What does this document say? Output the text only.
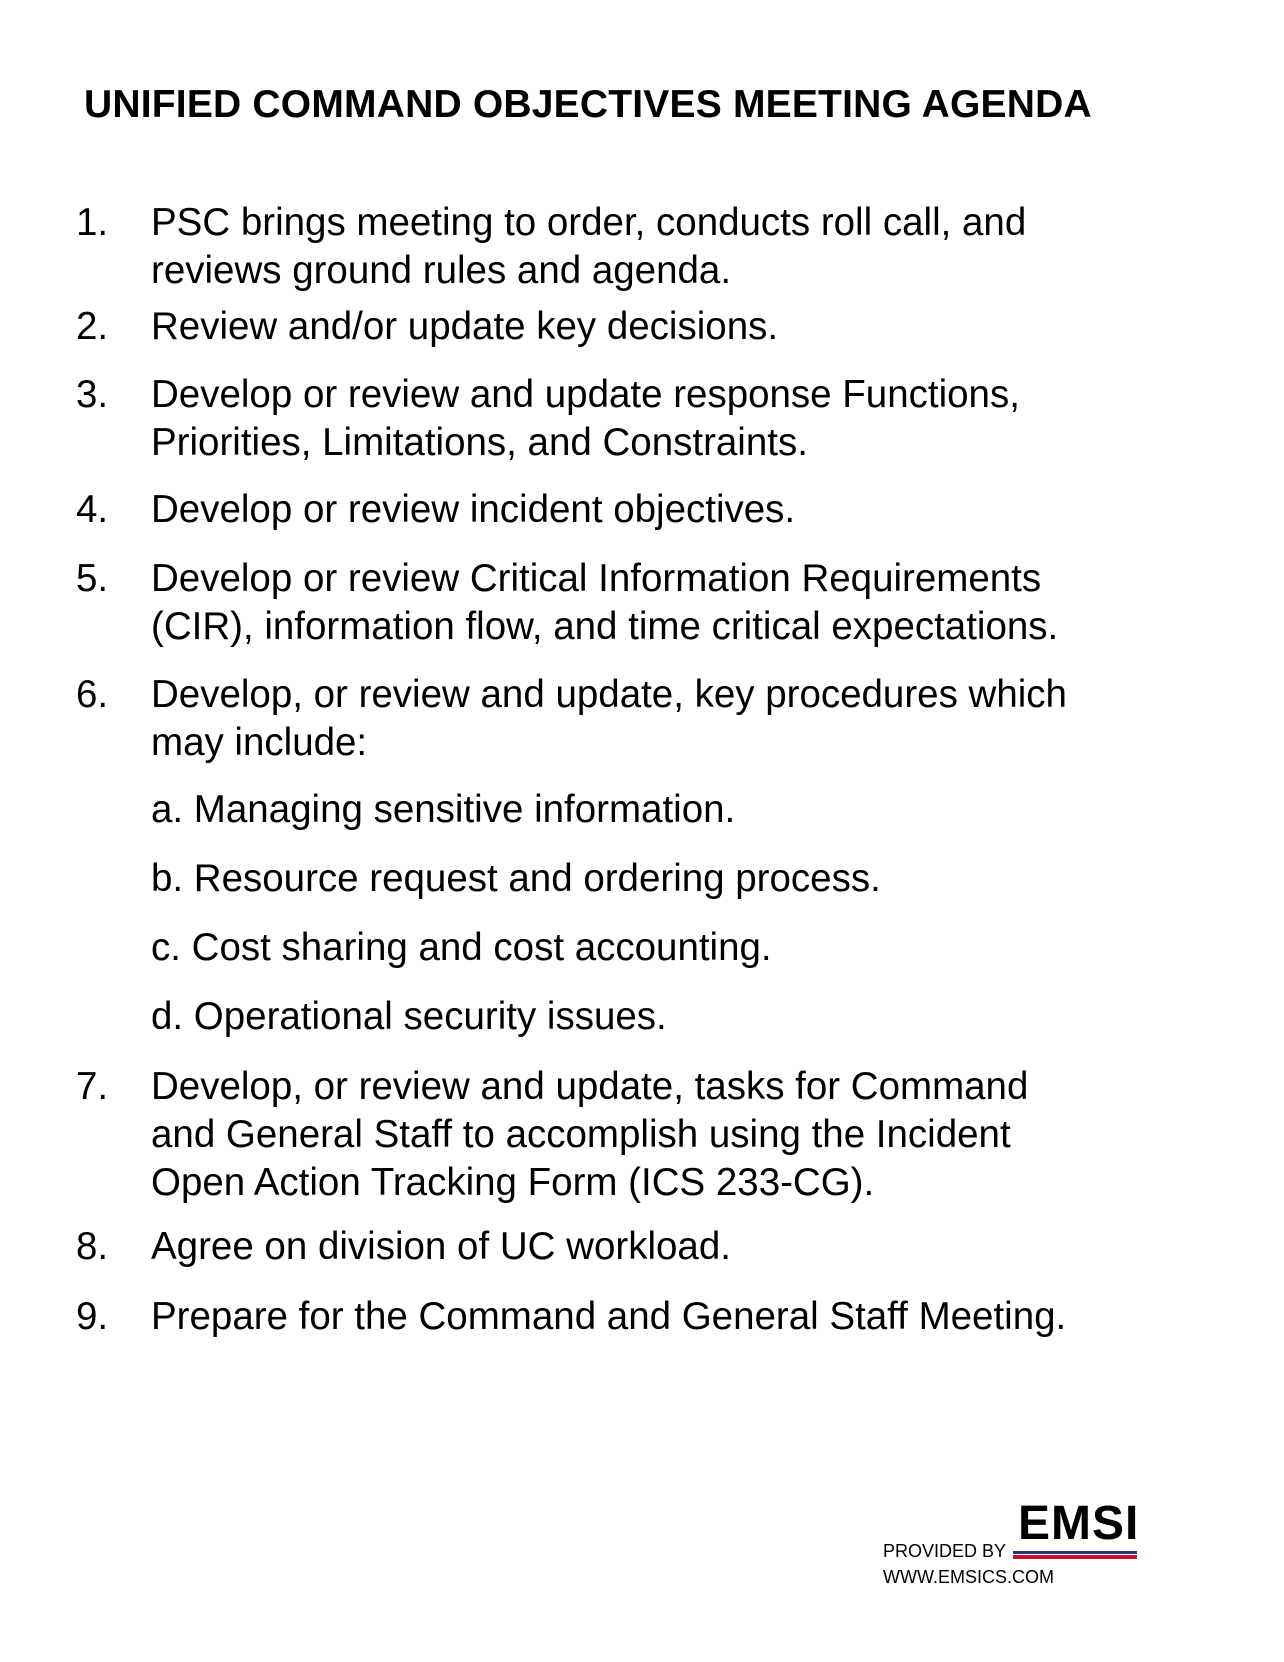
UNIFIED COMMAND OBJECTIVES MEETING AGENDA
1. PSC brings meeting to order, conducts roll call, and
reviews ground rules and agenda.
2. Review and/or update key decisions.
3. Develop or review and update response Functions,
Priorities, Limitations, and Constraints.
4. Develop or review incident objectives.
5. Develop or review Critical Information Requirements
(CIR), information flow, and time critical expectations.
6. Develop, or review and update, key procedures which
may include:
a. Managing sensitive information.
b. Resource request and ordering process.
c. Cost sharing and cost accounting.
d. Operational security issues.
7. Develop, or review and update, tasks for Command
and General Staff to accomplish using the Incident
Open Action Tracking Form (ICS 233-CG).
8. Agree on division of UC workload.
9. Prepare for the Command and General Staff Meeting.
PROVIDED BY
EMSI
WWW.EMSICS.COM
